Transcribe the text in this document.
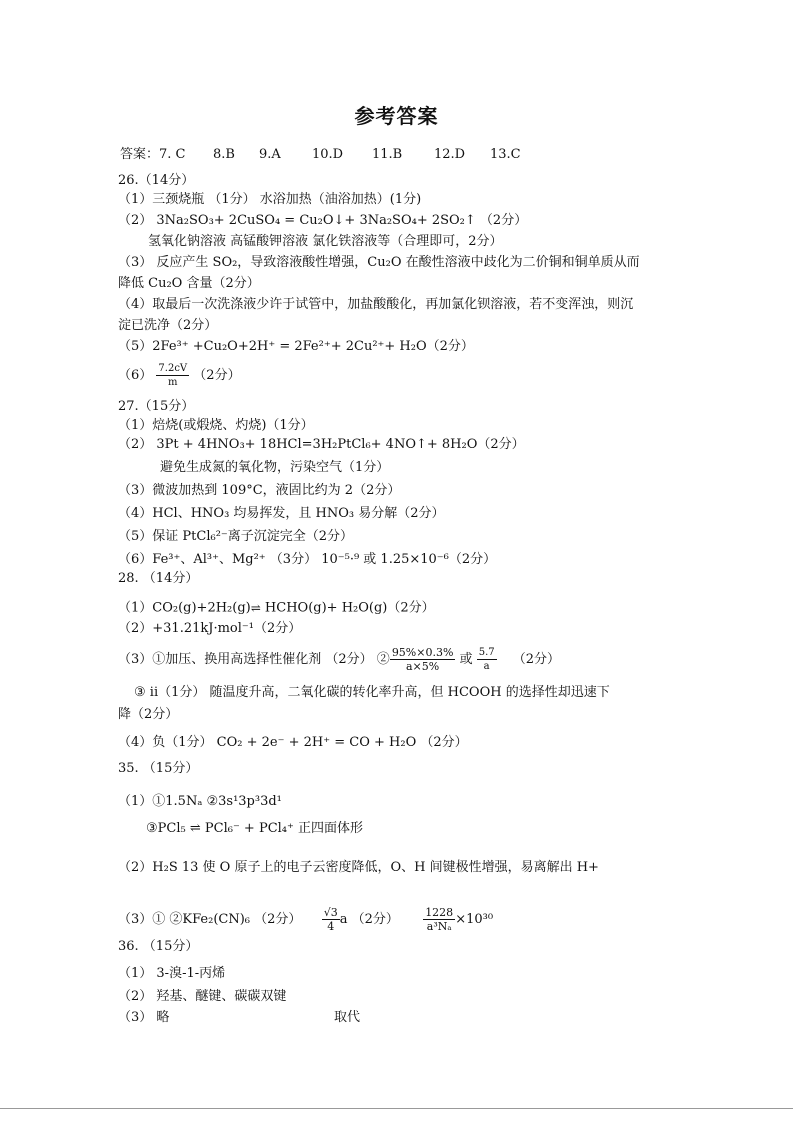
参考答案
答案：7. C 8.B 9.A 10.D 11.B 12.D 13.C
26.（14分）
（1）三颈烧瓶 （1分） 水浴加热（油浴加热）(1分)
（2） 3Na₂SO₃+ 2CuSO₄ = Cu₂O↓+ 3Na₂SO₄+ 2SO₂↑ （2分）
氢氧化钠溶液 高锰酸钾溶液 氯化铁溶液等（合理即可，2分）
（3） 反应产生 SO₂，导致溶液酸性增强，Cu₂O 在酸性溶液中歧化为二价铜和铜单质从而
降低 Cu₂O 含量（2分）
（4）取最后一次洗涤液少许于试管中，加盐酸酸化，再加氯化钡溶液，若不变浑浊，则沉
淀已洗净（2分）
（5）2Fe³⁺ +Cu₂O+2H⁺ = 2Fe²⁺+ 2Cu²⁺+ H₂O（2分）
$(6) \frac{7.2cV}{m} (2$分）
27.（15分）
（1）焙烧(或煅烧、灼烧)（1分）
（2） 3Pt + 4HNO₃+ 18HCl=3H₂PtCl₆+ 4NO↑+ 8H₂O（2分）
避免生成氮的氧化物，污染空气（1分）
（3）微波加热到 109°C，液固比约为 2（2分）
（4）HCl、HNO₃ 均易挥发，且 HNO₃ 易分解（2分）
（5）保证 PtCl₆²⁻离子沉淀完全（2分）
（6）Fe³⁺、Al³⁺、Mg²⁺ （3分） 10⁻⁵·⁹ 或 1.25×10⁻⁶（2分）
28. （14分）
（1）CO₂(g)+2H₂(g)⇌ HCHO(g)+ H₂O(g)（2分）
（2）+31.21kJ·mol⁻¹（2分）
（3）①加压、换用高选择性催化剂 （2分） ② $\frac{95\%\times 0.3\%}{a\times 5\%}$ 或 $\frac{5.7}{a} (2$分）
③ ii（1分） 随温度升高，二氧化碳的转化率升高，但 HCOOH 的选择性却迅速下
降（2分）
（4）负（1分） CO₂ + 2e⁻ + 2H⁺ = CO + H₂O （2分）
35. （15分）
（1）①1.5Nₐ ②3s¹3p³3d¹
③PCl₅ ⇌ PCl₆⁻ + PCl₄⁺ 正四面体形
（2）H₂S 13 使 O 原子上的电子云密度降低，O、H 间键极性增强，易离解出 H+
（3）① ②KFe₂(CN)₆ （2分） $\frac{√3}{4}$ a （2分） $\frac{1228}{\text{a³Nₐ}} \times 10^{30}$
36. （15分）
（1） 3-溴-1-丙烯
（2） 羟基、醚键、碳碳双键
（3） 略	取代
